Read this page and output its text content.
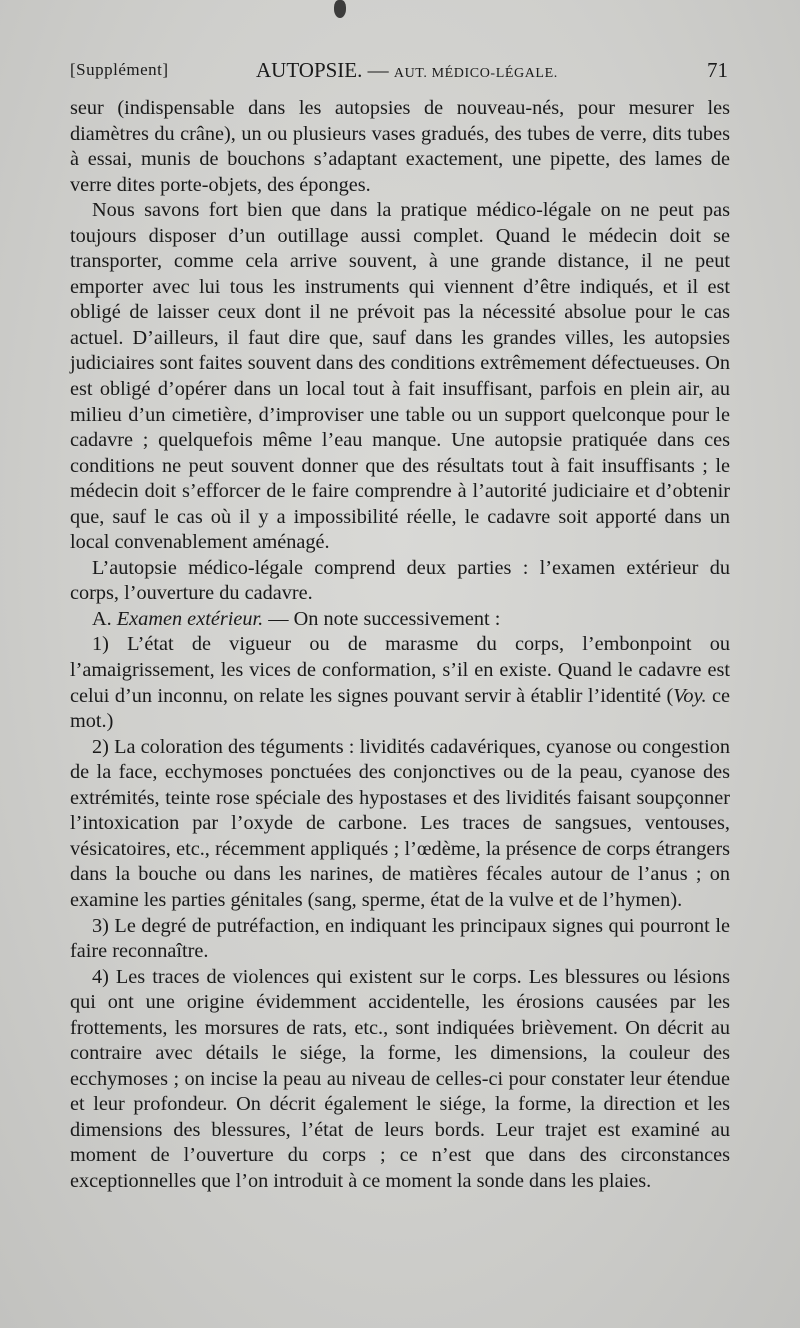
[Supplément]	AUTOPSIE. — AUT. MÉDICO-LÉGALE.	71

seur (indispensable dans les autopsies de nouveau-nés, pour mesurer les diamètres du crâne), un ou plusieurs vases gradués, des tubes de verre, dits tubes à essai, munis de bouchons s’adaptant exactement, une pipette, des lames de verre dites porte-objets, des éponges.

Nous savons fort bien que dans la pratique médico-légale on ne peut pas toujours disposer d’un outillage aussi complet. Quand le médecin doit se transporter, comme cela arrive souvent, à une grande distance, il ne peut emporter avec lui tous les instruments qui viennent d’être indiqués, et il est obligé de laisser ceux dont il ne prévoit pas la nécessité absolue pour le cas actuel. D’ailleurs, il faut dire que, sauf dans les grandes villes, les autopsies judiciaires sont faites souvent dans des conditions extrêmement défectueuses. On est obligé d’opérer dans un local tout à fait insuffisant, parfois en plein air, au milieu d’un cimetière, d’improviser une table ou un support quelconque pour le cadavre ; quelquefois même l’eau manque. Une autopsie pratiquée dans ces conditions ne peut souvent donner que des résultats tout à fait insuffisants ; le médecin doit s’efforcer de le faire comprendre à l’autorité judiciaire et d’obtenir que, sauf le cas où il y a impossibilité réelle, le cadavre soit apporté dans un local convenablement aménagé.

L’autopsie médico-légale comprend deux parties : l’examen extérieur du corps, l’ouverture du cadavre.

A. Examen extérieur. — On note successivement :

1) L’état de vigueur ou de marasme du corps, l’embonpoint ou l’amaigrissement, les vices de conformation, s’il en existe. Quand le cadavre est celui d’un inconnu, on relate les signes pouvant servir à établir l’identité (Voy. ce mot.)

2) La coloration des téguments : lividités cadavériques, cyanose ou congestion de la face, ecchymoses ponctuées des conjonctives ou de la peau, cyanose des extrémités, teinte rose spéciale des hypostases et des lividités faisant soupçonner l’intoxication par l’oxyde de carbone. Les traces de sangsues, ventouses, vésicatoires, etc., récemment appliqués ; l’œdème, la présence de corps étrangers dans la bouche ou dans les narines, de matières fécales autour de l’anus ; on examine les parties génitales (sang, sperme, état de la vulve et de l’hymen).

3) Le degré de putréfaction, en indiquant les principaux signes qui pourront le faire reconnaître.

4) Les traces de violences qui existent sur le corps. Les blessures ou lésions qui ont une origine évidemment accidentelle, les érosions causées par les frottements, les morsures de rats, etc., sont indiquées brièvement. On décrit au contraire avec détails le siége, la forme, les dimensions, la couleur des ecchymoses ; on incise la peau au niveau de celles-ci pour constater leur étendue et leur profondeur. On décrit également le siége, la forme, la direction et les dimensions des blessures, l’état de leurs bords. Leur trajet est examiné au moment de l’ouverture du corps ; ce n’est que dans des circonstances exceptionnelles que l’on introduit à ce moment la sonde dans les plaies.
